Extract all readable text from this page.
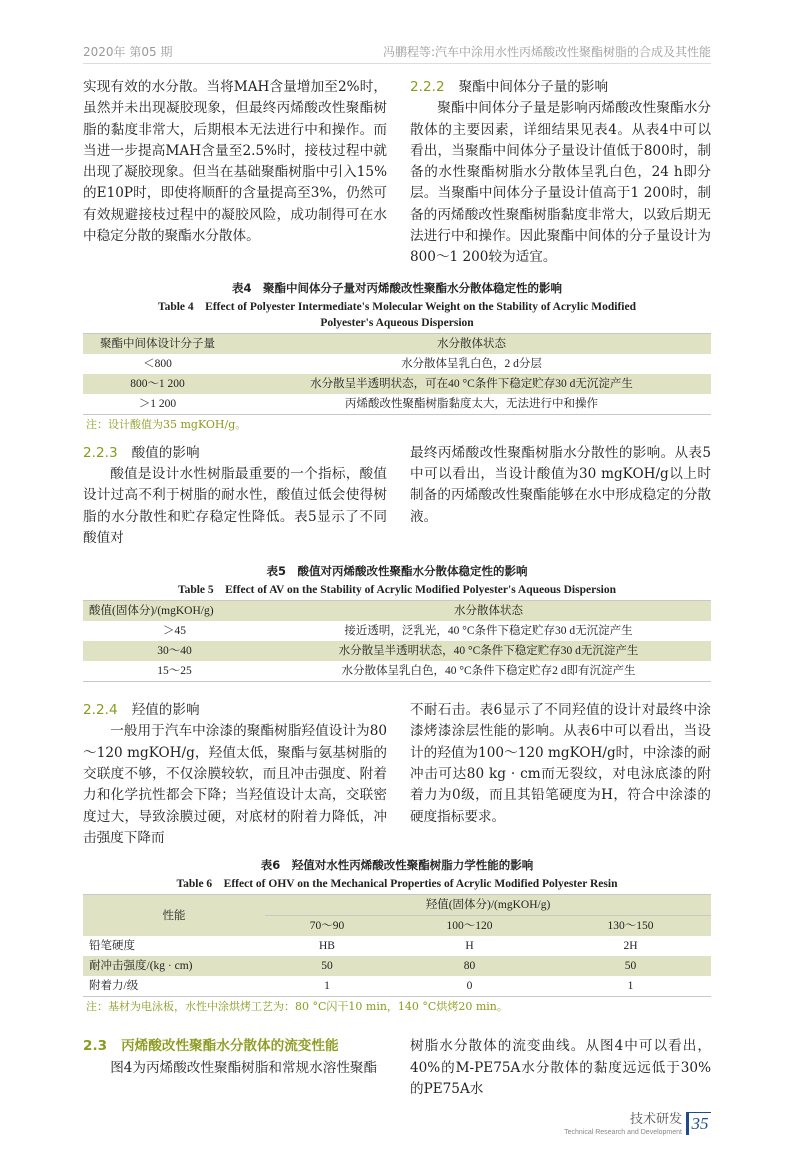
2020年 第05 期	冯鹏程等:汽车中涂用水性丙烯酸改性聚酯树脂的合成及其性能

实现有效的水分散。当将MAH含量增加至2%时，虽然并未出现凝胶现象，但最终丙烯酸改性聚酯树脂的黏度非常大，后期根本无法进行中和操作。而当进一步提高MAH含量至2.5%时，接枝过程中就出现了凝胶现象。但当在基础聚酯树脂中引入15%的E10P时，即使将顺酐的含量提高至3%，仍然可有效规避接枝过程中的凝胶风险，成功制得可在水中稳定分散的聚酯水分散体。

2.2.2 聚酯中间体分子量的影响

聚酯中间体分子量是影响丙烯酸改性聚酯水分散体的主要因素，详细结果见表4。从表4中可以看出，当聚酯中间体分子量设计值低于800时，制备的水性聚酯树脂水分散体呈乳白色，24 h即分层。当聚酯中间体分子量设计值高于1 200时，制备的丙烯酸改性聚酯树脂黏度非常大，以致后期无法进行中和操作。因此聚酯中间体的分子量设计为800～1 200较为适宜。

表4　聚酯中间体分子量对丙烯酸改性聚酯水分散体稳定性的影响
Table 4　Effect of Polyester Intermediate's Molecular Weight on the Stability of Acrylic Modified Polyester's Aqueous Dispersion
聚酯中间体设计分子量	水分散体状态
＜800	水分散体呈乳白色，2 d分层
800～1 200	水分散呈半透明状态，可在40 °C条件下稳定贮存30 d无沉淀产生
＞1 200	丙烯酸改性聚酯树脂黏度太大，无法进行中和操作
注：设计酸值为35 mgKOH/g。
2.2.3 酸值的影响

酸值是设计水性树脂最重要的一个指标，酸值设计过高不利于树脂的耐水性，酸值过低会使得树脂的水分散性和贮存稳定性降低。表5显示了不同酸值对

最终丙烯酸改性聚酯树脂水分散性的影响。从表5中可以看出，当设计酸值为30 mgKOH/g以上时制备的丙烯酸改性聚酯能够在水中形成稳定的分散液。

表5　酸值对丙烯酸改性聚酯水分散体稳定性的影响
Table 5　Effect of AV on the Stability of Acrylic Modified Polyester's Aqueous Dispersion
酸值(固体分)/(mgKOH/g)	水分散体状态
＞45	接近透明，泛乳光，40 °C条件下稳定贮存30 d无沉淀产生
30～40	水分散呈半透明状态，40 °C条件下稳定贮存30 d无沉淀产生
15～25	水分散体呈乳白色，40 °C条件下稳定贮存2 d即有沉淀产生
2.2.4 羟值的影响

一般用于汽车中涂漆的聚酯树脂羟值设计为80～120 mgKOH/g，羟值太低，聚酯与氨基树脂的交联度不够，不仅涂膜较软，而且冲击强度、附着力和化学抗性都会下降；当羟值设计太高，交联密度过大，导致涂膜过硬，对底材的附着力降低，冲击强度下降而

不耐石击。表6显示了不同羟值的设计对最终中涂漆烤漆涂层性能的影响。从表6中可以看出，当设计的羟值为100～120 mgKOH/g时，中涂漆的耐冲击可达80 kg · cm而无裂纹，对电泳底漆的附着力为0级，而且其铅笔硬度为H，符合中涂漆的硬度指标要求。

表6　羟值对水性丙烯酸改性聚酯树脂力学性能的影响
Table 6　Effect of OHV on the Mechanical Properties of Acrylic Modified Polyester Resin
性能	羟值(固体分)/(mgKOH/g)		
	70～90	100～120	130～150
铅笔硬度	HB	H	2H
耐冲击强度/(kg · cm)	50	80	50
附着力/级	1	0	1
注：基材为电泳板，水性中涂烘烤工艺为：80 °C闪干10 min，140 °C烘烤20 min。
2.3 丙烯酸改性聚酯水分散体的流变性能

图4为丙烯酸改性聚酯树脂和常规水溶性聚酯

树脂水分散体的流变曲线。从图4中可以看出，40%的M-PE75A水分散体的黏度远远低于30%的PE75A水

技术研发
Technical Research and Development 35
